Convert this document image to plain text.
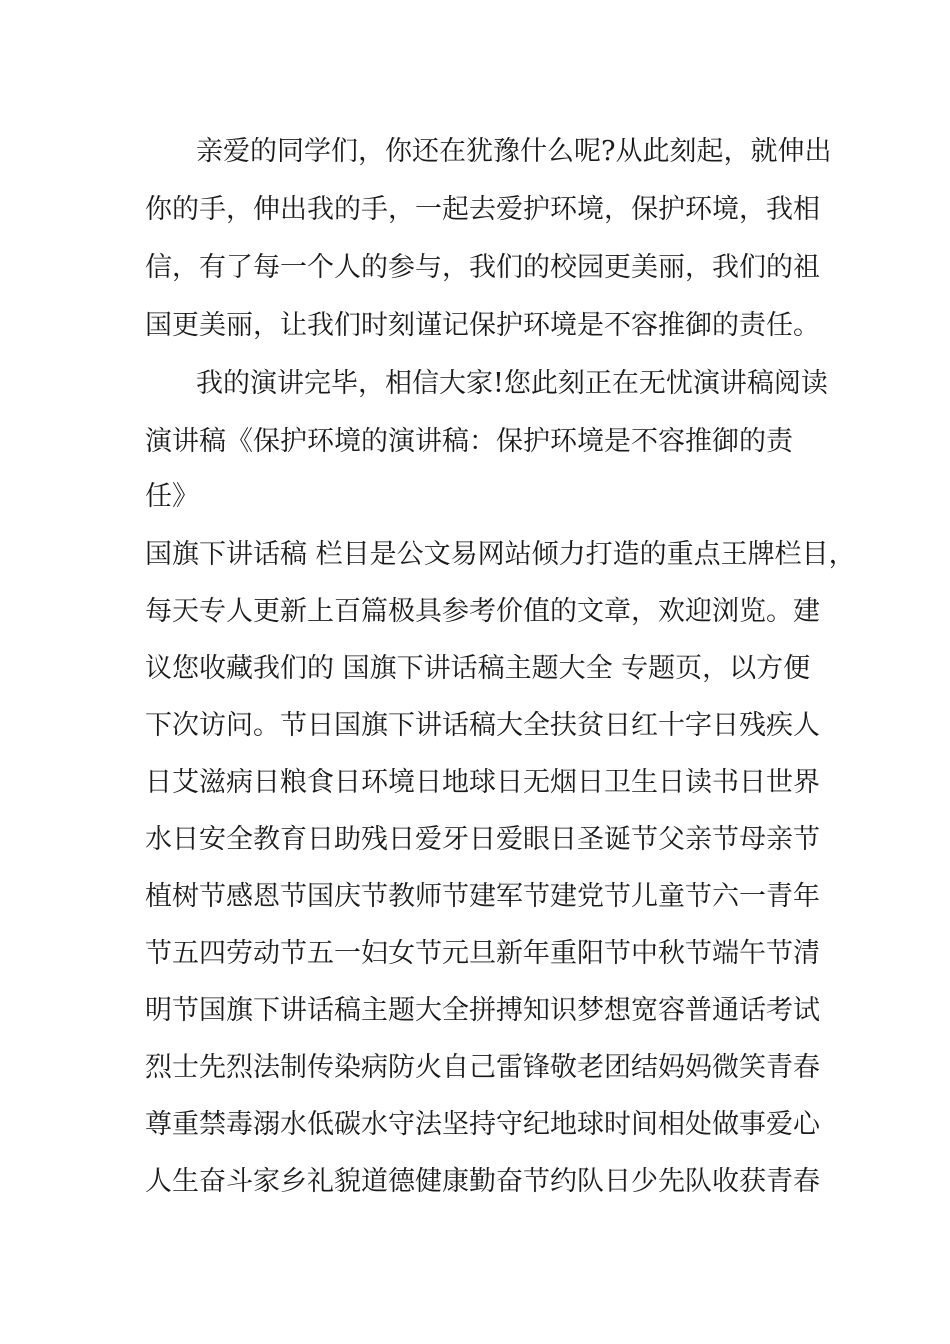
亲爱的同学们，你还在犹豫什么呢?从此刻起，就伸出
你的手，伸出我的手，一起去爱护环境，保护环境，我相
信，有了每一个人的参与，我们的校园更美丽，我们的祖
国更美丽，让我们时刻谨记保护环境是不容推御的责任。
我的演讲完毕，相信大家!您此刻正在无忧演讲稿阅读
演讲稿《保护环境的演讲稿：保护环境是不容推御的责
任》
国旗下讲话稿 栏目是公文易网站倾力打造的重点王牌栏目，
每天专人更新上百篇极具参考价值的文章，欢迎浏览。建
议您收藏我们的 国旗下讲话稿主题大全 专题页，以方便
下次访问。节日国旗下讲话稿大全扶贫日红十字日残疾人
日艾滋病日粮食日环境日地球日无烟日卫生日读书日世界
水日安全教育日助残日爱牙日爱眼日圣诞节父亲节母亲节
植树节感恩节国庆节教师节建军节建党节儿童节六一青年
节五四劳动节五一妇女节元旦新年重阳节中秋节端午节清
明节国旗下讲话稿主题大全拼搏知识梦想宽容普通话考试
烈士先烈法制传染病防火自己雷锋敬老团结妈妈微笑青春
尊重禁毒溺水低碳水守法坚持守纪地球时间相处做事爱心
人生奋斗家乡礼貌道德健康勤奋节约队日少先队收获青春
